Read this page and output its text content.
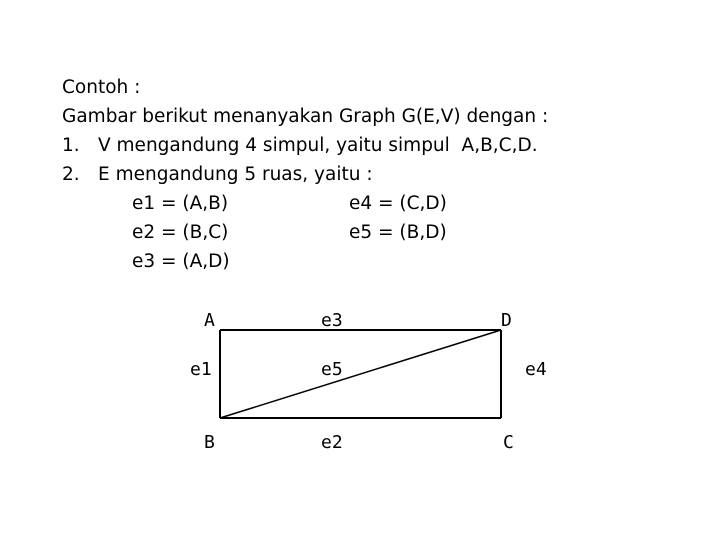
Contoh :
Gambar berikut menanyakan Graph G(E,V) dengan :
1. V mengandung 4 simpul, yaitu simpul  A,B,C,D.
2. E mengandung 5 ruas, yaitu :
e1 = (A,B)	e4 = (C,D)
e2 = (B,C)	e5 = (B,D)
e3 = (A,D)
A	D
B	C
e3
e1	e5	e4
e2
